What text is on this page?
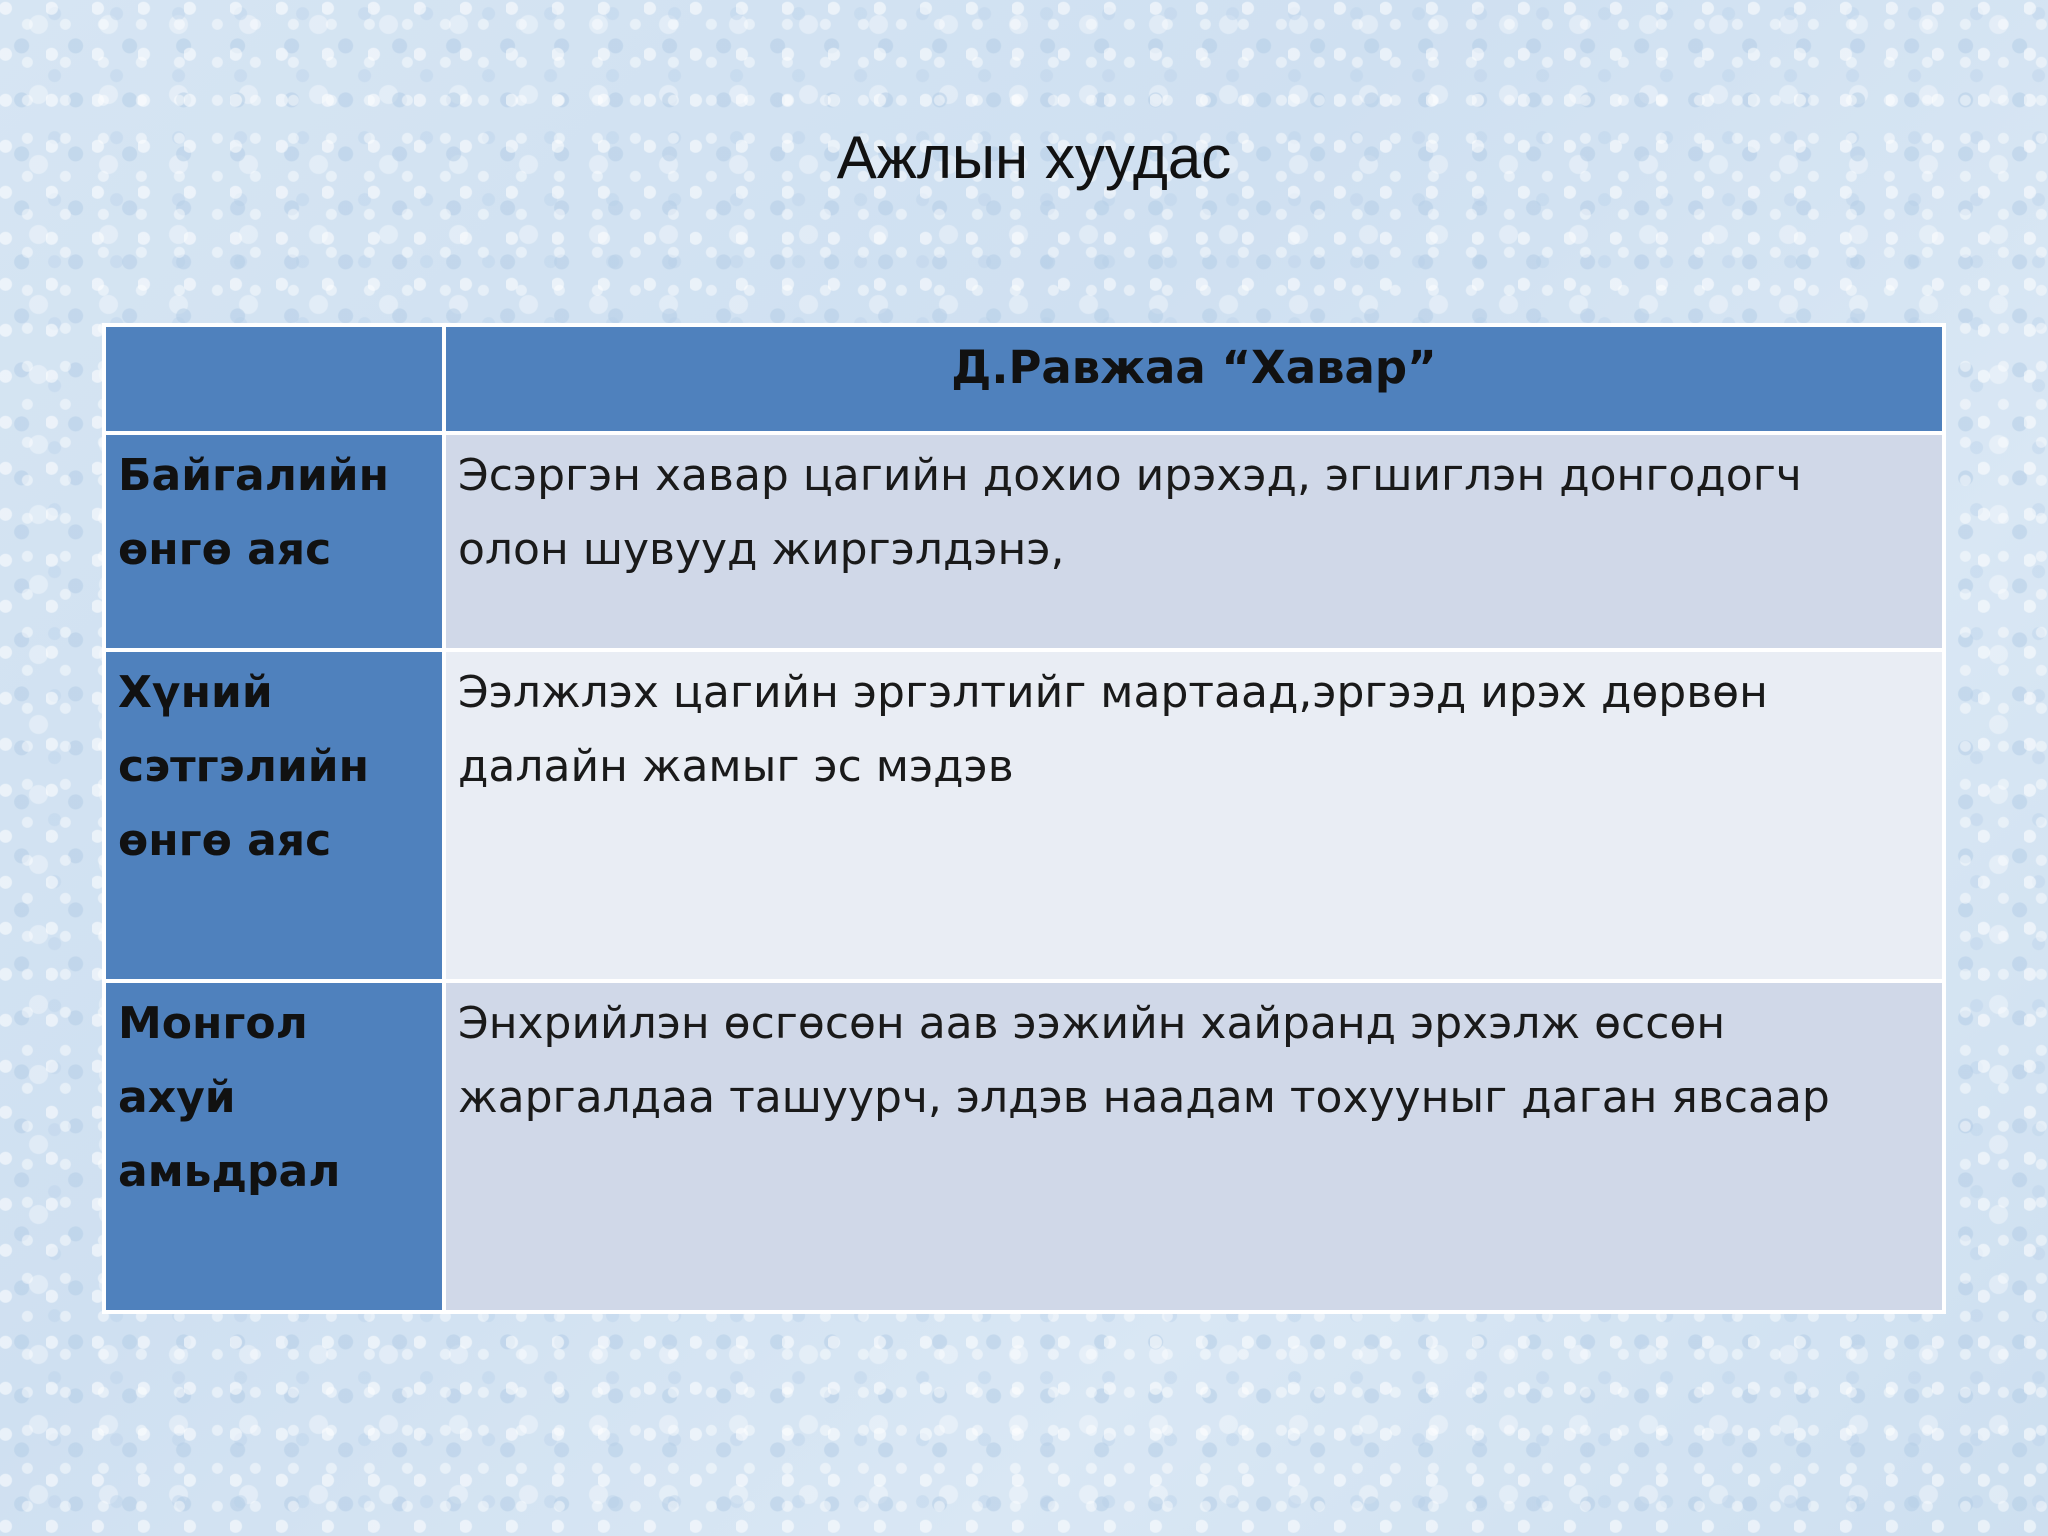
Ажлын хуудас
	Д.Равжаа “Хавар”
Байгалийн өнгө аяс	Эсэргэн хавар цагийн дохио ирэхэд, эгшиглэн донгодогч олон шувууд жиргэлдэнэ,
Хүний сэтгэлийн өнгө аяс	Ээлжлэх цагийн эргэлтийг мартаад,эргээд ирэх дөрвөн далайн жамыг эс мэдэв
Монгол ахуй амьдрал	Энхрийлэн өсгөсөн аав ээжийн хайранд эрхэлж өссөн жаргалдаа ташуурч, элдэв наадам тохууныг даган явсаар
